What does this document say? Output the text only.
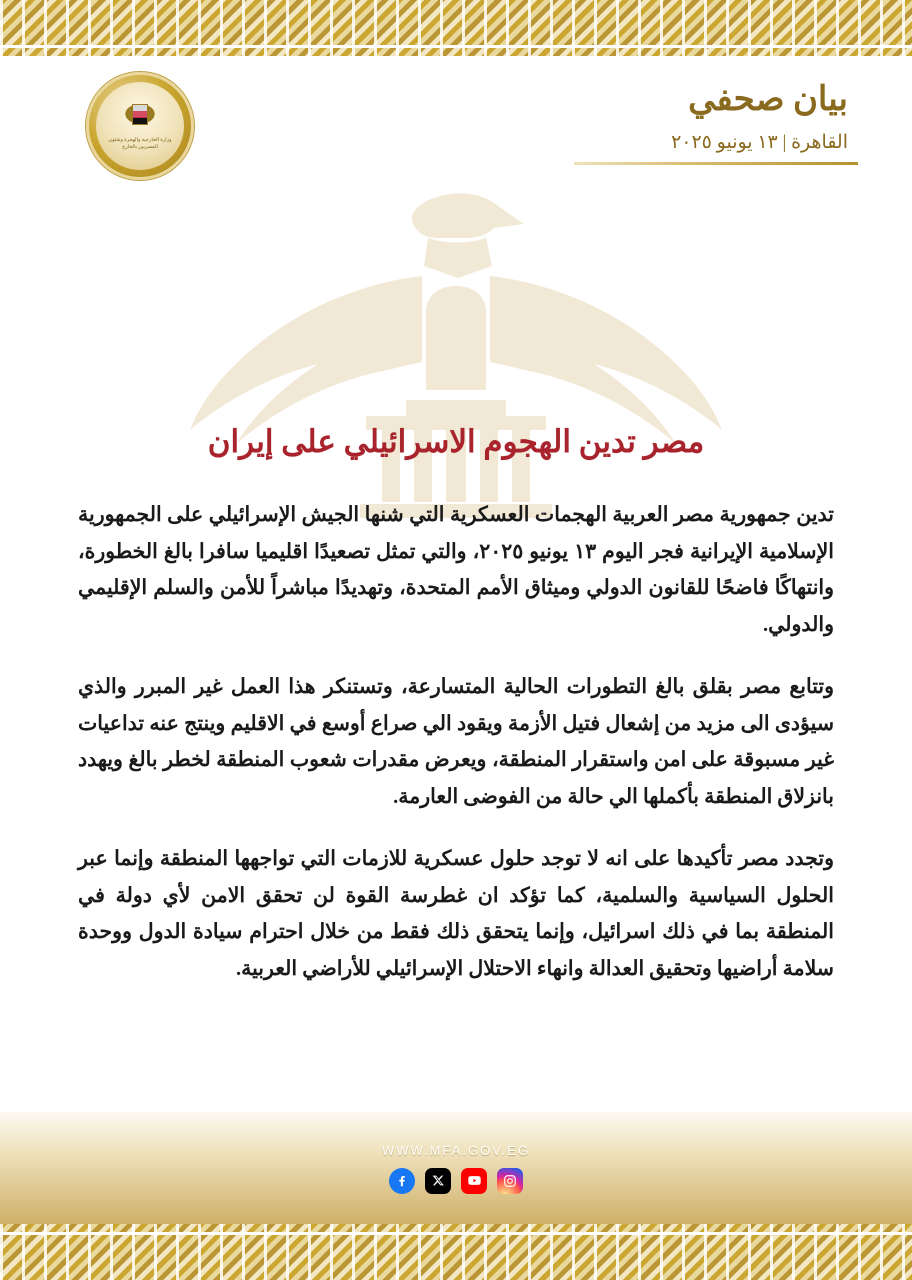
بيان صحفي
القاهرة | ١٣ يونيو ٢٠٢٥
وزارة الخارجية والهجرة وشئون المصريين بالخارج
مصر تدين الهجوم الاسرائيلي على إيران

تدين جمهورية مصر العربية الهجمات العسكرية التي شنها الجيش الإسرائيلي على الجمهورية الإسلامية الإيرانية فجر اليوم ١٣ يونيو ٢٠٢٥، والتي تمثل تصعيدًا اقليميا سافرا بالغ الخطورة، وانتهاكًا فاضحًا للقانون الدولي وميثاق الأمم المتحدة، وتهديدًا مباشراً للأمن والسلم الإقليمي والدولي.

وتتابع مصر بقلق بالغ التطورات الحالية المتسارعة، وتستنكر هذا العمل غير المبرر والذي سيؤدى الى مزيد من إشعال فتيل الأزمة ويقود الي صراع أوسع في الاقليم وينتج عنه تداعيات غير مسبوقة على امن واستقرار المنطقة، ويعرض مقدرات شعوب المنطقة لخطر بالغ ويهدد بانزلاق المنطقة بأكملها الي حالة من الفوضى العارمة.

وتجدد مصر تأكيدها على انه لا توجد حلول عسكرية للازمات التي تواجهها المنطقة وإنما عبر الحلول السياسية والسلمية، كما تؤكد ان غطرسة القوة لن تحقق الامن لأي دولة في المنطقة بما في ذلك اسرائيل، وإنما يتحقق ذلك فقط من خلال احترام سيادة الدول ووحدة سلامة أراضيها وتحقيق العدالة وانهاء الاحتلال الإسرائيلي للأراضي العربية.

WWW.MFA.GOV.EG
